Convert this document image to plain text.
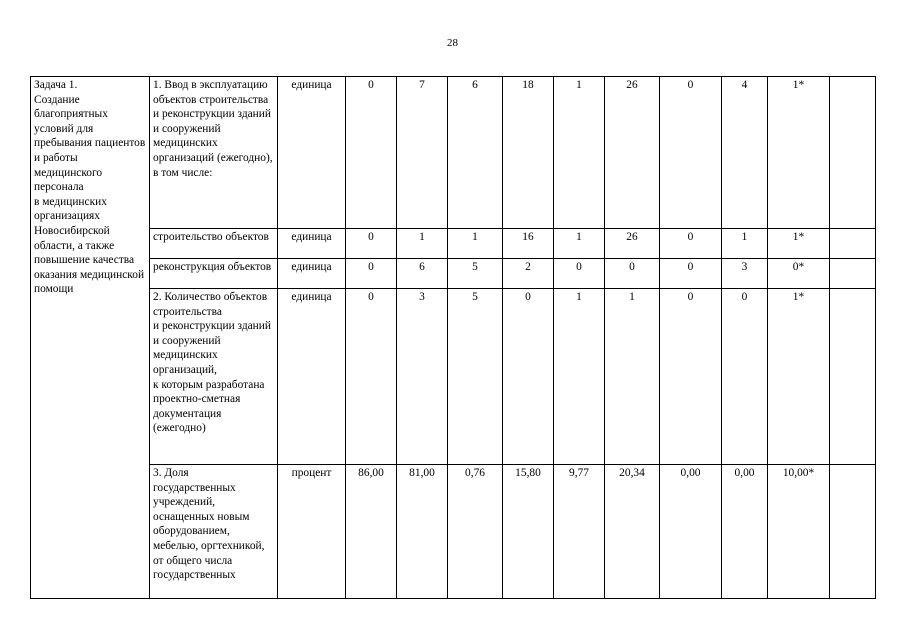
28
Задача 1.
Создание благоприятных условий для пребывания пациентов и работы медицинского персонала
в медицинских организациях Новосибирской области, а также повышение качества оказания медицинской помощи	1. Ввод в эксплуатацию объектов строительства и реконструкции зданий и сооружений медицинских организаций (ежегодно), в том числе:	единица	0	7	6	18	1	26	0	4	1*	
	строительство объектов	единица	0	1	1	16	1	26	0	1	1*	
	реконструкция объектов	единица	0	6	5	2	0	0	0	3	0*	
	2. Количество объектов строительства
и реконструкции зданий и сооружений медицинских организаций,
к которым разработана проектно-сметная документация (ежегодно)	единица	0	3	5	0	1	1	0	0	1*	
	3. Доля государственных учреждений, оснащенных новым оборудованием, мебелью, оргтехникой, от общего числа государственных	процент	86,00	81,00	0,76	15,80	9,77	20,34	0,00	0,00	10,00*	
